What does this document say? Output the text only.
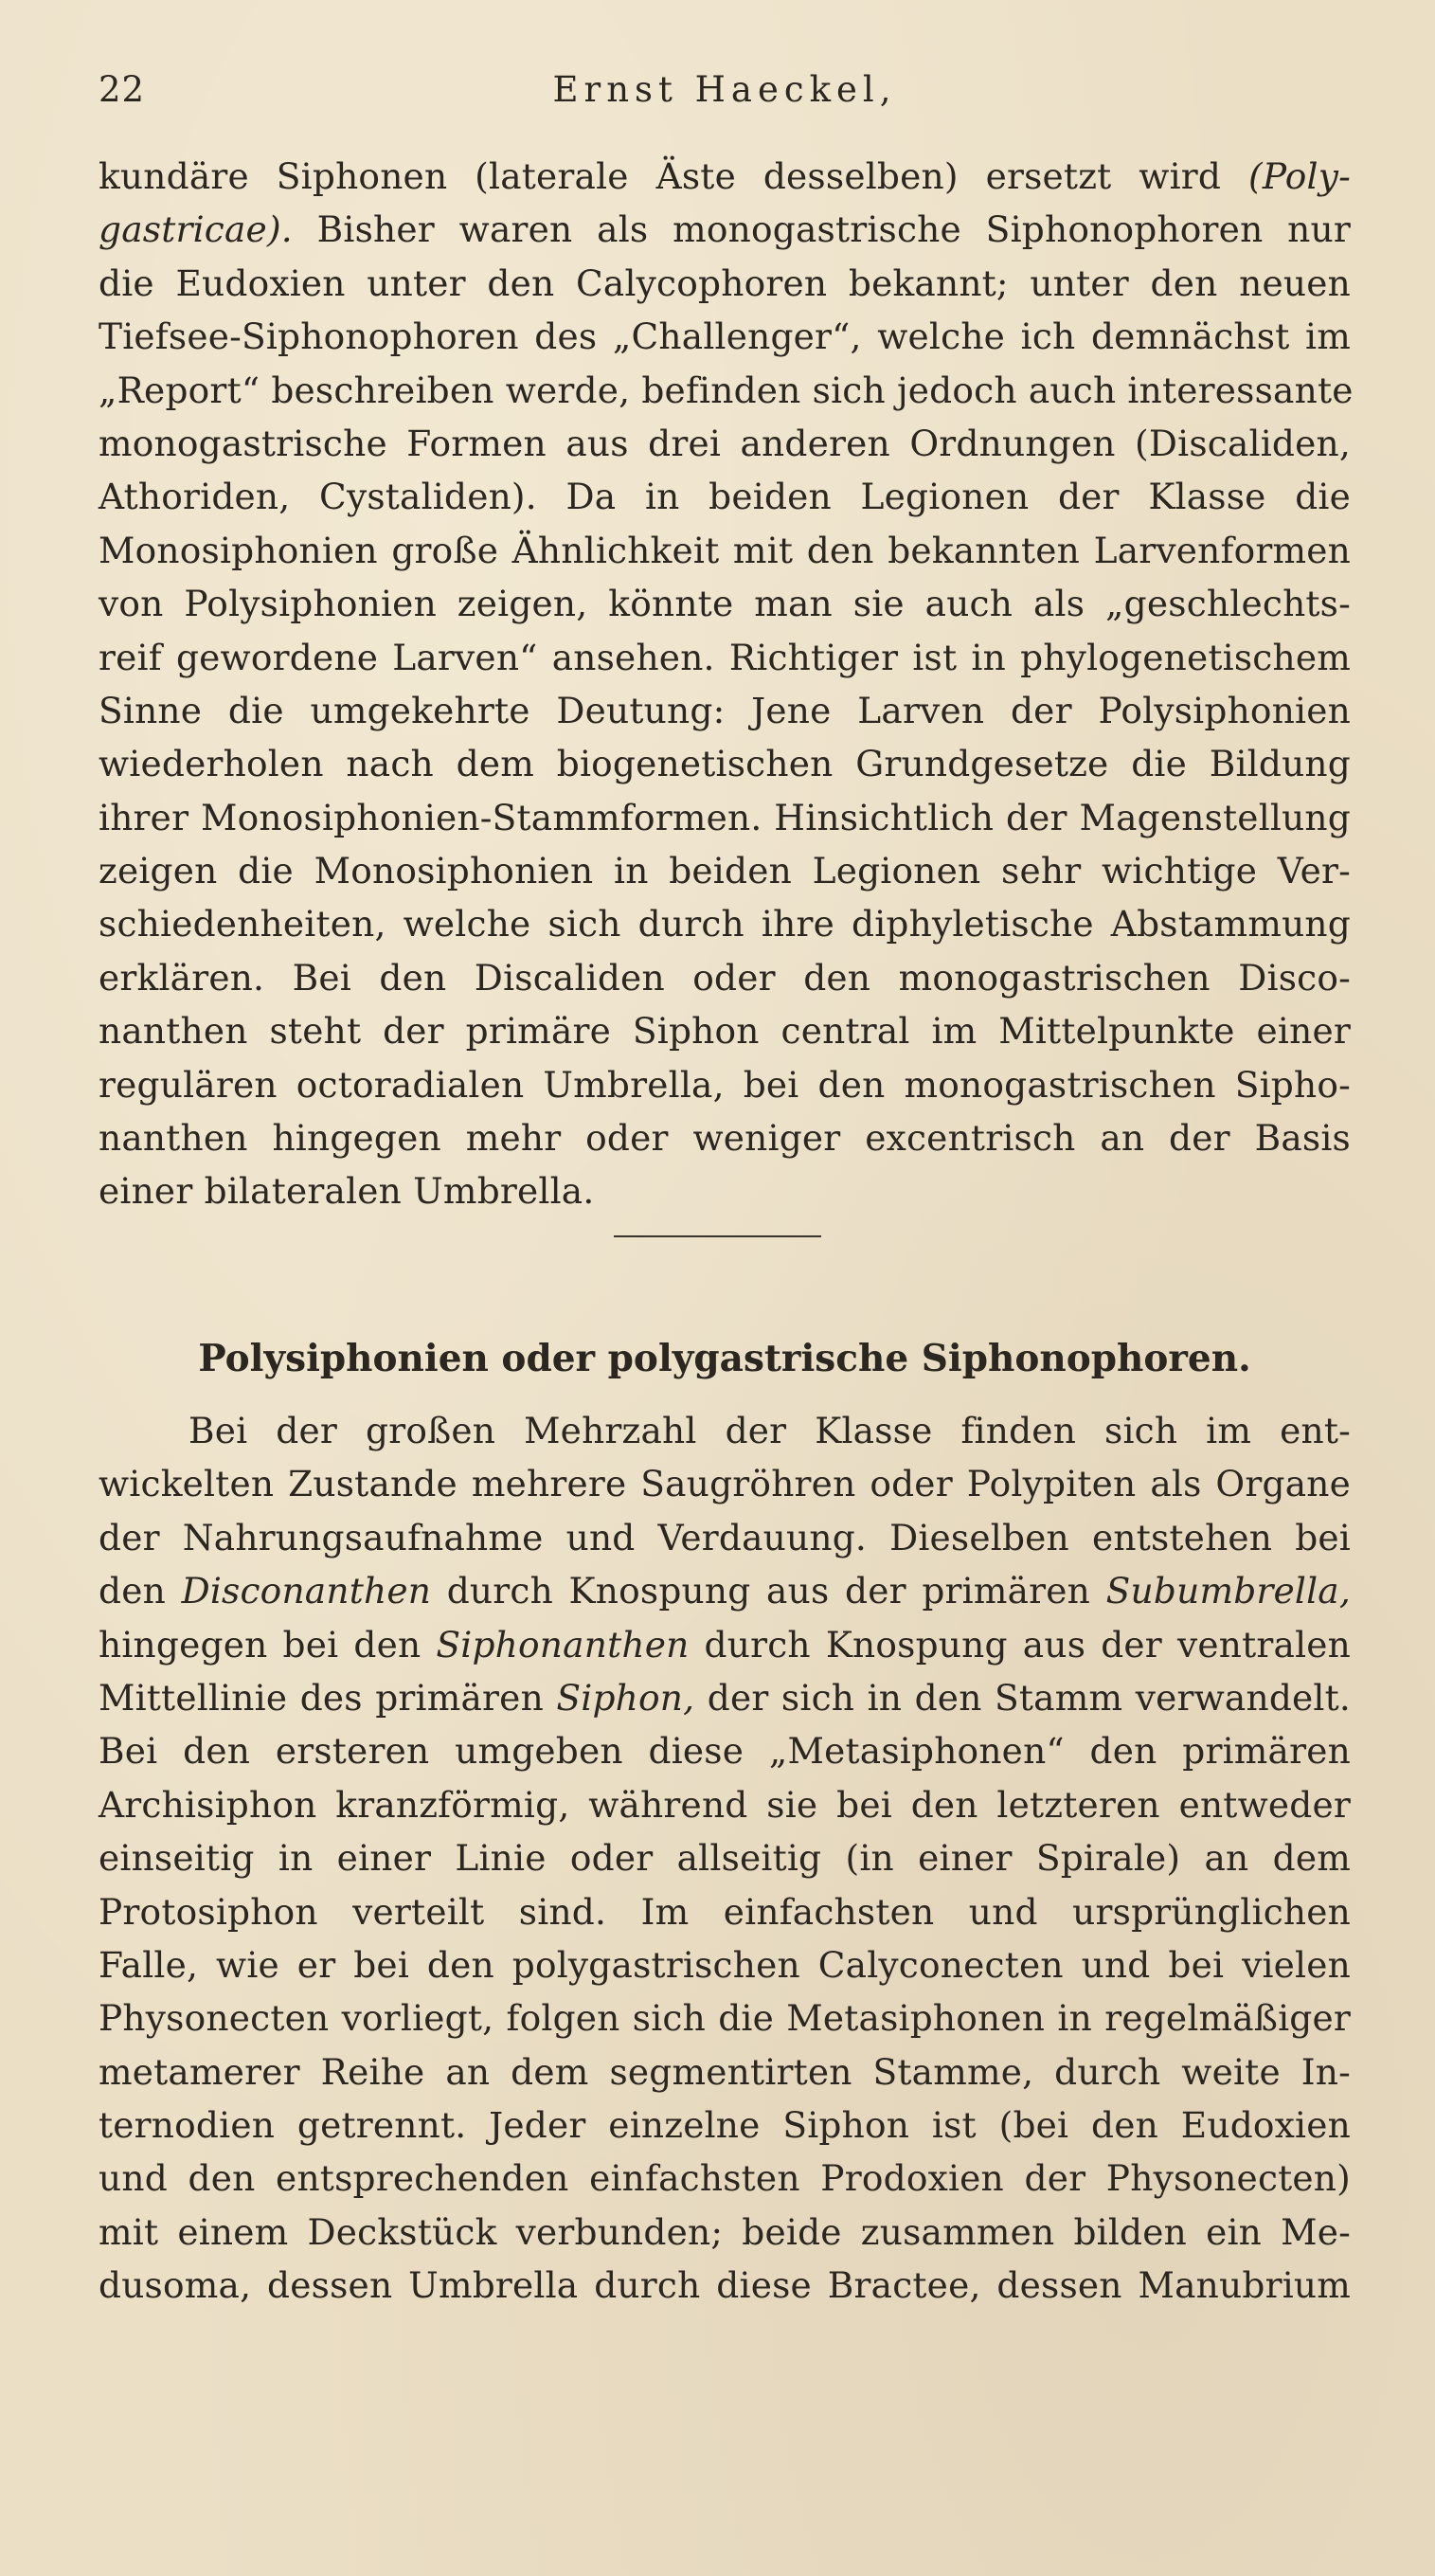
22	Ernst Haeckel,
kundäre Siphonen (laterale Äste desselben) ersetzt wird (Poly-
gastricae). Bisher waren als monogastrische Siphonophoren nur
die Eudoxien unter den Calycophoren bekannt; unter den neuen
Tiefsee-Siphonophoren des „Challenger“, welche ich demnächst im
„Report“ beschreiben werde, befinden sich jedoch auch interessante
monogastrische Formen aus drei anderen Ordnungen (Discaliden,
Athoriden, Cystaliden). Da in beiden Legionen der Klasse die
Monosiphonien große Ähnlichkeit mit den bekannten Larvenformen
von Polysiphonien zeigen, könnte man sie auch als „geschlechts-
reif gewordene Larven“ ansehen. Richtiger ist in phylogenetischem
Sinne die umgekehrte Deutung: Jene Larven der Polysiphonien
wiederholen nach dem biogenetischen Grundgesetze die Bildung
ihrer Monosiphonien-Stammformen. Hinsichtlich der Magenstellung
zeigen die Monosiphonien in beiden Legionen sehr wichtige Ver-
schiedenheiten, welche sich durch ihre diphyletische Abstammung
erklären. Bei den Discaliden oder den monogastrischen Disco-
nanthen steht der primäre Siphon central im Mittelpunkte einer
regulären octoradialen Umbrella, bei den monogastrischen Sipho-
nanthen hingegen mehr oder weniger excentrisch an der Basis
einer bilateralen Umbrella.
Polysiphonien oder polygastrische Siphonophoren.
Bei der großen Mehrzahl der Klasse finden sich im ent-
wickelten Zustande mehrere Saugröhren oder Polypiten als Organe
der Nahrungsaufnahme und Verdauung. Dieselben entstehen bei
den Disconanthen durch Knospung aus der primären Subumbrella,
hingegen bei den Siphonanthen durch Knospung aus der ventralen
Mittellinie des primären Siphon, der sich in den Stamm verwandelt.
Bei den ersteren umgeben diese „Metasiphonen“ den primären
Archisiphon kranzförmig, während sie bei den letzteren entweder
einseitig in einer Linie oder allseitig (in einer Spirale) an dem
Protosiphon verteilt sind. Im einfachsten und ursprünglichen
Falle, wie er bei den polygastrischen Calyconecten und bei vielen
Physonecten vorliegt, folgen sich die Metasiphonen in regelmäßiger
metamerer Reihe an dem segmentirten Stamme, durch weite In-
ternodien getrennt. Jeder einzelne Siphon ist (bei den Eudoxien
und den entsprechenden einfachsten Prodoxien der Physonecten)
mit einem Deckstück verbunden; beide zusammen bilden ein Me-
dusoma, dessen Umbrella durch diese Bractee, dessen Manubrium
